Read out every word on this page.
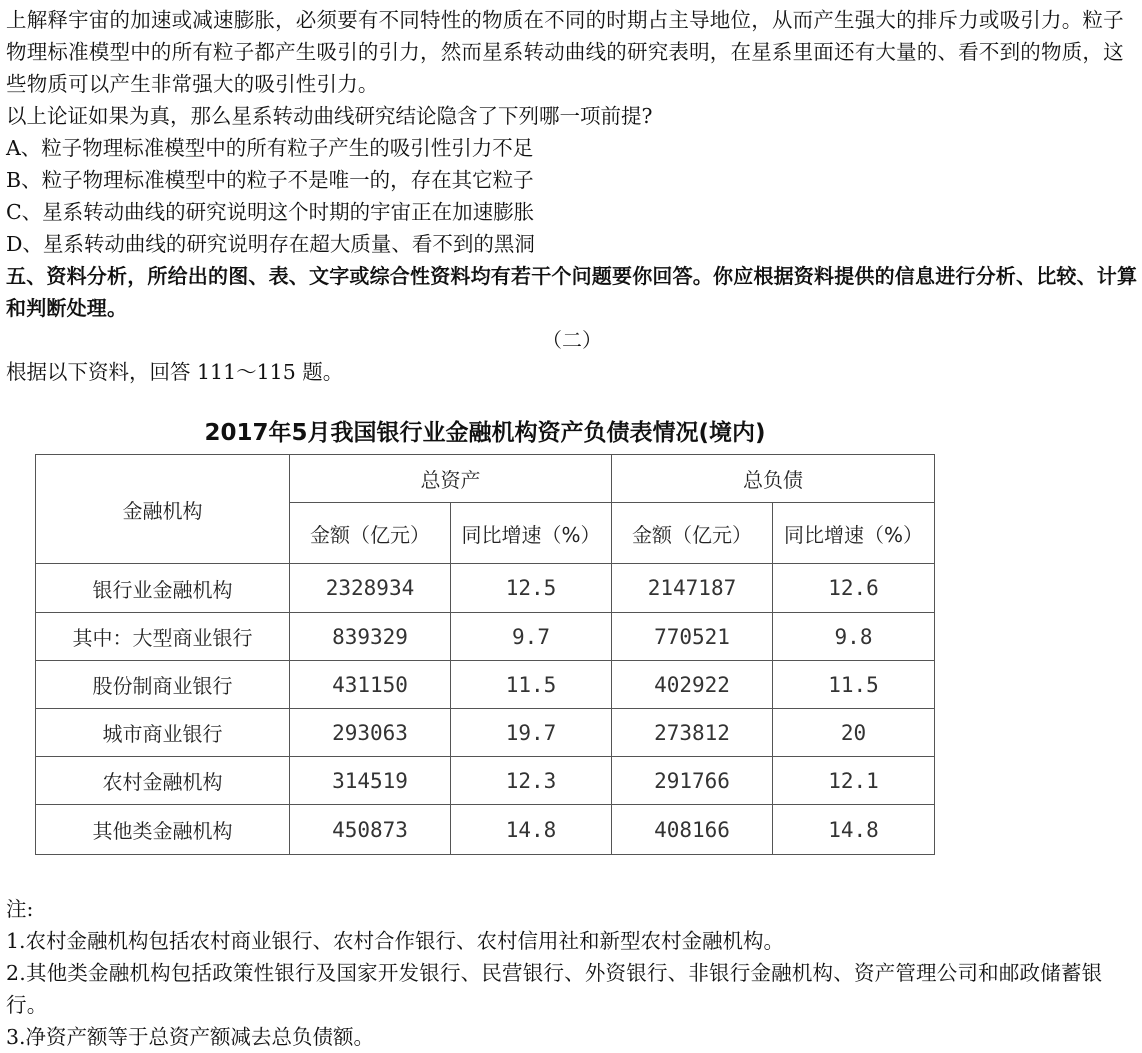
上解释宇宙的加速或减速膨胀，必须要有不同特性的物质在不同的时期占主导地位，从而产生强大的排斥力或吸引力。粒子物理标准模型中的所有粒子都产生吸引的引力，然而星系转动曲线的研究表明，在星系里面还有大量的、看不到的物质，这些物质可以产生非常强大的吸引性引力。

以上论证如果为真，那么星系转动曲线研究结论隐含了下列哪一项前提?

A、粒子物理标准模型中的所有粒子产生的吸引性引力不足

B、粒子物理标准模型中的粒子不是唯一的，存在其它粒子

C、星系转动曲线的研究说明这个时期的宇宙正在加速膨胀

D、星系转动曲线的研究说明存在超大质量、看不到的黑洞

五、资料分析，所给出的图、表、文字或综合性资料均有若干个问题要你回答。你应根据资料提供的信息进行分析、比较、计算和判断处理。

（二）

根据以下资料，回答 111～115 题。

2017年5月我国银行业金融机构资产负债表情况(境内)
金融机构	总资产		总负债	
	金额（亿元）	同比增速（%）	金额（亿元）	同比增速（%）
银行业金融机构	2328934	12.5	2147187	12.6
其中：大型商业银行	839329	9.7	770521	9.8
股份制商业银行	431150	11.5	402922	11.5
城市商业银行	293063	19.7	273812	20
农村金融机构	314519	12.3	291766	12.1
其他类金融机构	450873	14.8	408166	14.8

注:

1.农村金融机构包括农村商业银行、农村合作银行、农村信用社和新型农村金融机构。

2.其他类金融机构包括政策性银行及国家开发银行、民营银行、外资银行、非银行金融机构、资产管理公司和邮政储蓄银行。

3.净资产额等于总资产额减去总负债额。
